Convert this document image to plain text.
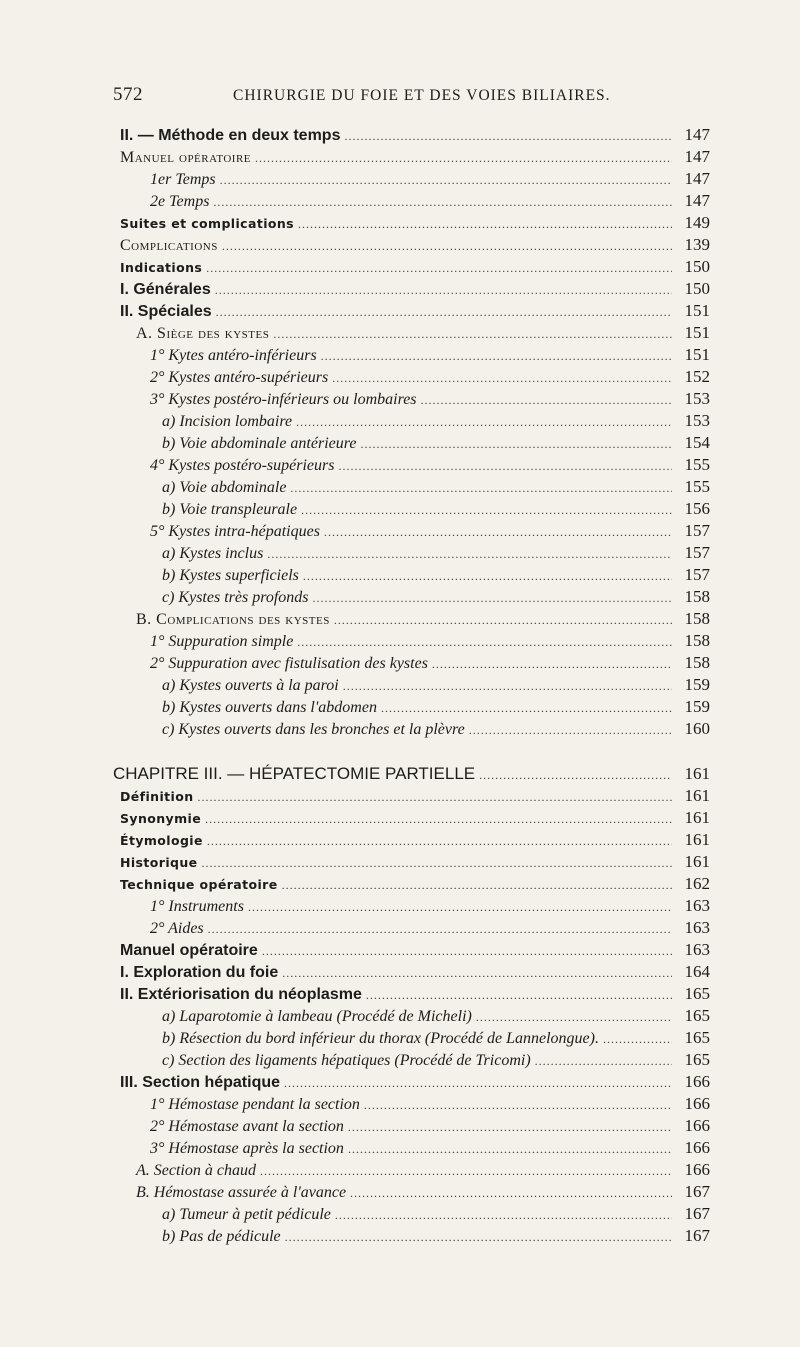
572	CHIRURGIE DU FOIE ET DES VOIES BILIAIRES.
II. — Méthode en deux temps .....	147
Manuel opératoire .....	147
1er Temps .....	147
2e Temps .....	147
Suites et complications .....	149
Complications .....	139
Indications .....	150
I. Générales .....	150
II. Spéciales .....	151
A. Siège des kystes .....	151
1° Kytes antéro-inférieurs .....	151
2° Kystes antéro-supérieurs .....	152
3° Kystes postéro-inférieurs ou lombaires .....	153
a) Incision lombaire .....	153
b) Voie abdominale antérieure .....	154
4° Kystes postéro-supérieurs .....	155
a) Voie abdominale .....	155
b) Voie transpleurale .....	156
5° Kystes intra-hépatiques .....	157
a) Kystes inclus .....	157
b) Kystes superficiels .....	157
c) Kystes très profonds .....	158
B. Complications des kystes .....	158
1° Suppuration simple .....	158
2° Suppuration avec fistulisation des kystes .....	158
a) Kystes ouverts à la paroi .....	159
b) Kystes ouverts dans l'abdomen .....	159
c) Kystes ouverts dans les bronches et la plèvre .....	160
CHAPITRE III. — HÉPATECTOMIE PARTIELLE .....	161
Définition .....	161
Synonymie .....	161
Étymologie .....	161
Historique .....	161
Technique opératoire .....	162
1° Instruments .....	163
2° Aides .....	163
Manuel opératoire .....	163
I. Exploration du foie .....	164
II. Extériorisation du néoplasme .....	165
a) Laparotomie à lambeau (Procédé de Micheli) .....	165
b) Résection du bord inférieur du thorax (Procédé de Lannelongue). .....	165
c) Section des ligaments hépatiques (Procédé de Tricomi) .....	165
III. Section hépatique .....	166
1° Hémostase pendant la section .....	166
2° Hémostase avant la section .....	166
3° Hémostase après la section .....	166
A. Section à chaud .....	166
B. Hémostase assurée à l'avance .....	167
a) Tumeur à petit pédicule .....	167
b) Pas de pédicule .....	167
